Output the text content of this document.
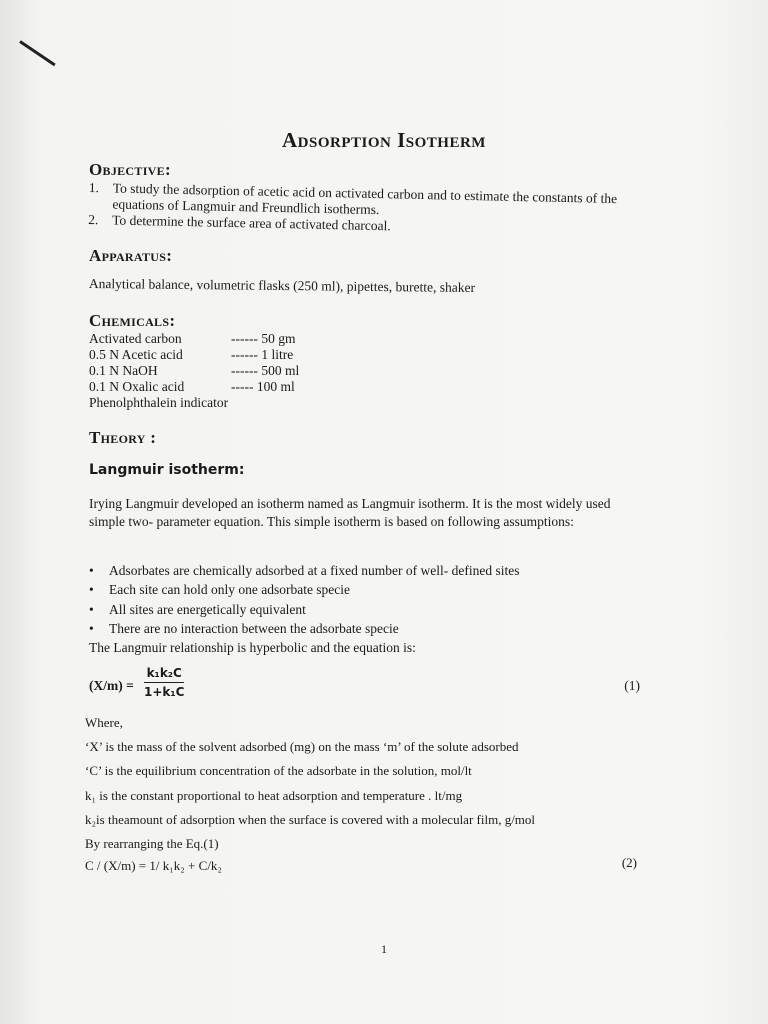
Adsorption Isotherm
Objective:
1. To study the adsorption of acetic acid on activated carbon and to estimate the constants of the equations of Langmuir and Freundlich isotherms.
2. To determine the surface area of activated charcoal.
Apparatus:
Analytical balance, volumetric flasks (250 ml), pipettes, burette, shaker
Chemicals:
Activated carbon	------ 50 gm
0.5 N Acetic acid	------ 1 litre
0.1 N NaOH	------ 500 ml
0.1 N Oxalic acid	----- 100 ml
Phenolphthalein indicator
Theory :
Langmuir isotherm:
Irying Langmuir developed an isotherm named as Langmuir isotherm. It is the most widely used simple two- parameter equation. This simple isotherm is based on following assumptions:
• Adsorbates are chemically adsorbed at a fixed number of well- defined sites
• Each site can hold only one adsorbate specie
• All sites are energetically equivalent
• There are no interaction between the adsorbate specie
The Langmuir relationship is hyperbolic and the equation is:
$(X/m) = \frac{\text{k₁k₂C}}{\text{1+k₁C}}$	(1)
Where,
‘X’ is the mass of the solvent adsorbed (mg) on the mass ‘m’ of the solute adsorbed
‘C’ is the equilibrium concentration of the adsorbate in the solution, mol/lt
k₁ is the constant proportional to heat adsorption and temperature . lt/mg
k₂is theamount of adsorption when the surface is covered with a molecular film, g/mol
By rearranging the Eq.(1)
C / (X/m) = 1/ k₁k₂ + C/k₂	(2)
1
